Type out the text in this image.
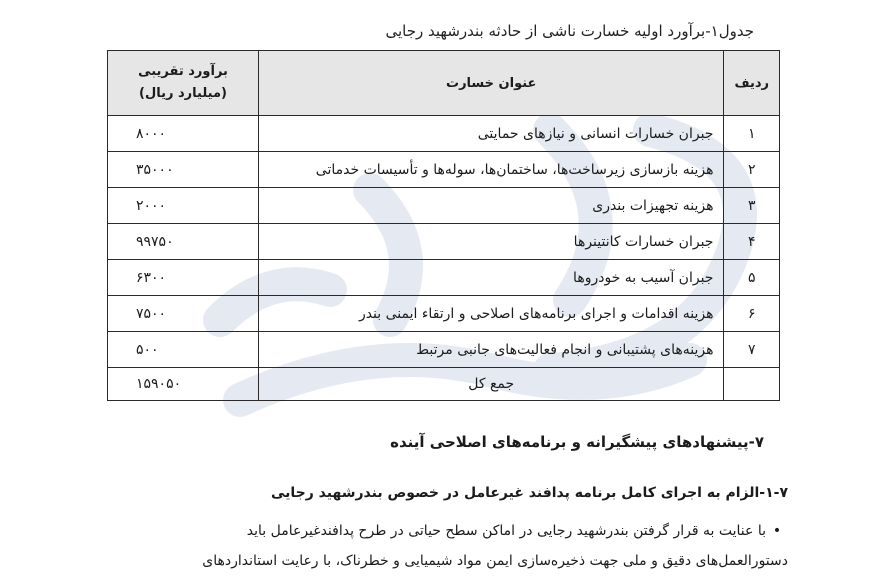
جدول۱-برآورد اولیه خسارت ناشی از حادثه بندرشهید رجایی
ردیف	عنوان خسارت	برآورد تقریبی
(میلیارد ریال)

۱	جبران خسارات انسانی و نیازهای حمایتی	۸۰۰۰
۲	هزینه بازسازی زیرساخت‌ها، ساختمان‌ها، سوله‌ها و تأسیسات خدماتی	۳۵۰۰۰
۳	هزینه تجهیزات بندری	۲۰۰۰
۴	جبران خسارات کانتینرها	۹۹۷۵۰
۵	جبران آسیب به خودروها	۶۳۰۰
۶	هزینه اقدامات و اجرای برنامه‌های اصلاحی و ارتقاء ایمنی بندر	۷۵۰۰
۷	هزینه‌های پشتیبانی و انجام فعالیت‌های جانبی مرتبط	۵۰۰
	جمع کل	۱۵۹۰۵۰
۷-پیشنهادهای پیشگیرانه و برنامه‌های اصلاحی آینده
۱-۷-الزام به اجرای کامل برنامه پدافند غیرعامل در خصوص بندرشهید رجایی
•با عنایت به قرار گرفتن بندرشهید رجایی در اماکن سطح حیاتی در طرح پدافندغیرعامل باید
دستورالعمل‌های دقیق و ملی جهت ذخیره‌سازی ایمن مواد شیمیایی و خطرناک، با رعایت استانداردهای
